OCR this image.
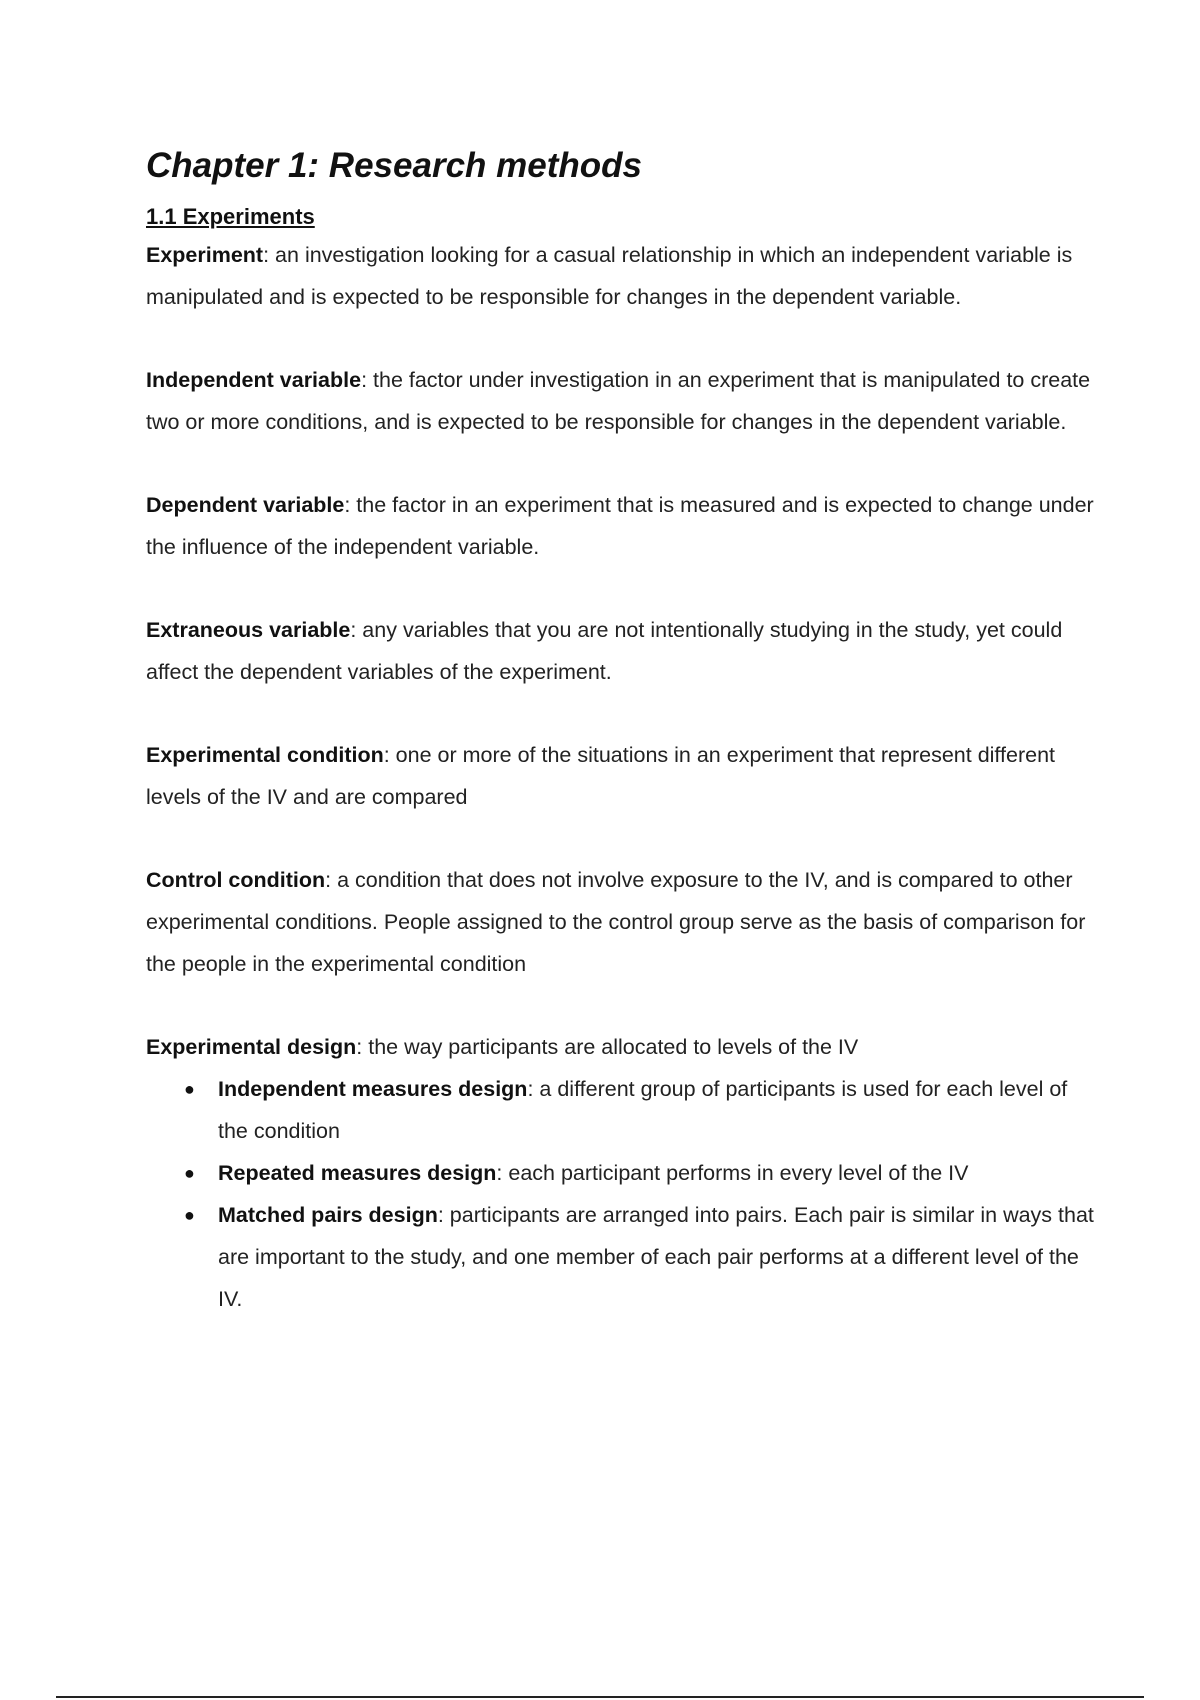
Chapter 1: Research methods
1.1 Experiments

Experiment: an investigation looking for a casual relationship in which an independent variable is manipulated and is expected to be responsible for changes in the dependent variable.

Independent variable: the factor under investigation in an experiment that is manipulated to create two or more conditions, and is expected to be responsible for changes in the dependent variable.

Dependent variable: the factor in an experiment that is measured and is expected to change under the influence of the independent variable.

Extraneous variable: any variables that you are not intentionally studying in the study, yet could affect the dependent variables of the experiment.

Experimental condition: one or more of the situations in an experiment that represent different levels of the IV and are compared

Control condition: a condition that does not involve exposure to the IV, and is compared to other experimental conditions. People assigned to the control group serve as the basis of comparison for the people in the experimental condition

Experimental design: the way participants are allocated to levels of the IV

● Independent measures design: a different group of participants is used for each level of the condition
● Repeated measures design: each participant performs in every level of the IV
● Matched pairs design: participants are arranged into pairs. Each pair is similar in ways that are important to the study, and one member of each pair performs at a different level of the IV.
